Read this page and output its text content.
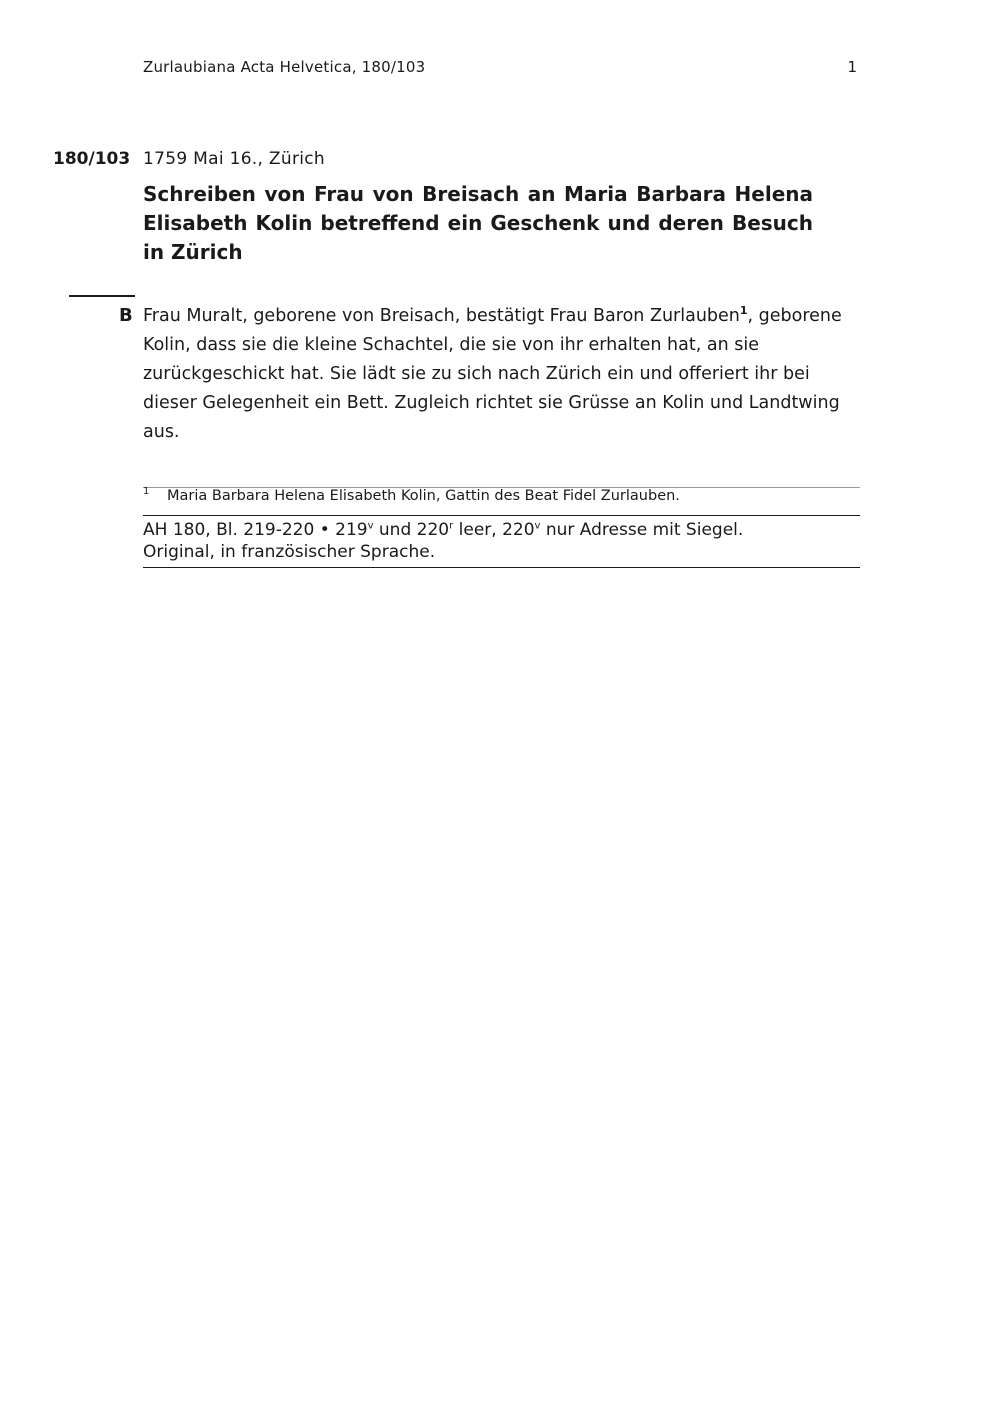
Zurlaubiana Acta Helvetica, 180/103	1
180/103 1759 Mai 16., Zürich
Schreiben von Frau von Breisach an Maria Barbara Helena Elisabeth Kolin betreffend ein Geschenk und deren Besuch in Zürich
B Frau Muralt, geborene von Breisach, bestätigt Frau Baron Zurlauben$^1$, geborene Kolin, dass sie die kleine Schachtel, die sie von ihr erhalten hat, an sie zurückgeschickt hat. Sie lädt sie zu sich nach Zürich ein und offeriert ihr bei dieser Gelegenheit ein Bett. Zugleich richtet sie Grüsse an Kolin und Landtwing aus.

1 Maria Barbara Helena Elisabeth Kolin, Gattin des Beat Fidel Zurlauben.
AH 180, Bl. 219-220 • 219$^v$ und 220$^r$ leer, 220$^v$ nur Adresse mit Siegel.
Original, in französischer Sprache.
